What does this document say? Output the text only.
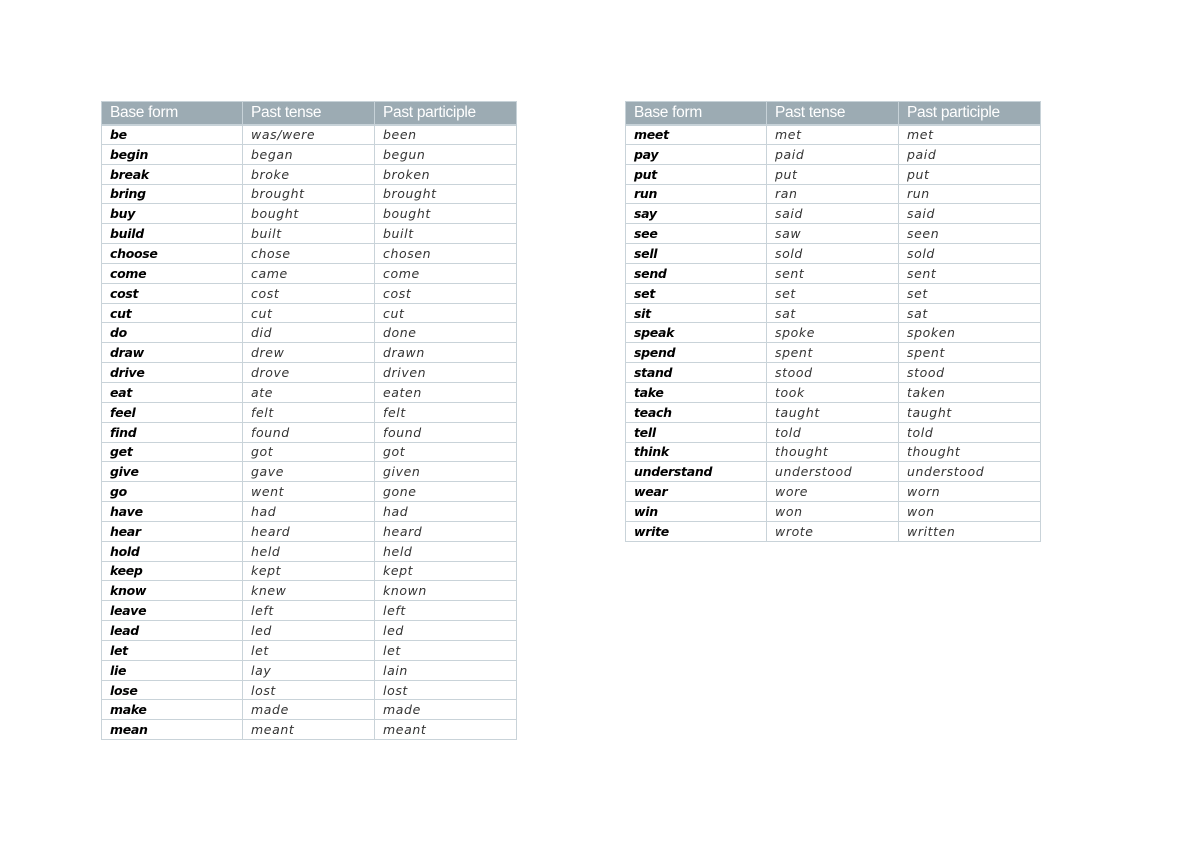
Base form	Past tense	Past participle
be	was/were	been
begin	began	begun
break	broke	broken
bring	brought	brought
buy	bought	bought
build	built	built
choose	chose	chosen
come	came	come
cost	cost	cost
cut	cut	cut
do	did	done
draw	drew	drawn
drive	drove	driven
eat	ate	eaten
feel	felt	felt
find	found	found
get	got	got
give	gave	given
go	went	gone
have	had	had
hear	heard	heard
hold	held	held
keep	kept	kept
know	knew	known
leave	left	left
lead	led	led
let	let	let
lie	lay	lain
lose	lost	lost
make	made	made
mean	meant	meant
Base form	Past tense	Past participle
meet	met	met
pay	paid	paid
put	put	put
run	ran	run
say	said	said
see	saw	seen
sell	sold	sold
send	sent	sent
set	set	set
sit	sat	sat
speak	spoke	spoken
spend	spent	spent
stand	stood	stood
take	took	taken
teach	taught	taught
tell	told	told
think	thought	thought
understand	understood	understood
wear	wore	worn
win	won	won
write	wrote	written
